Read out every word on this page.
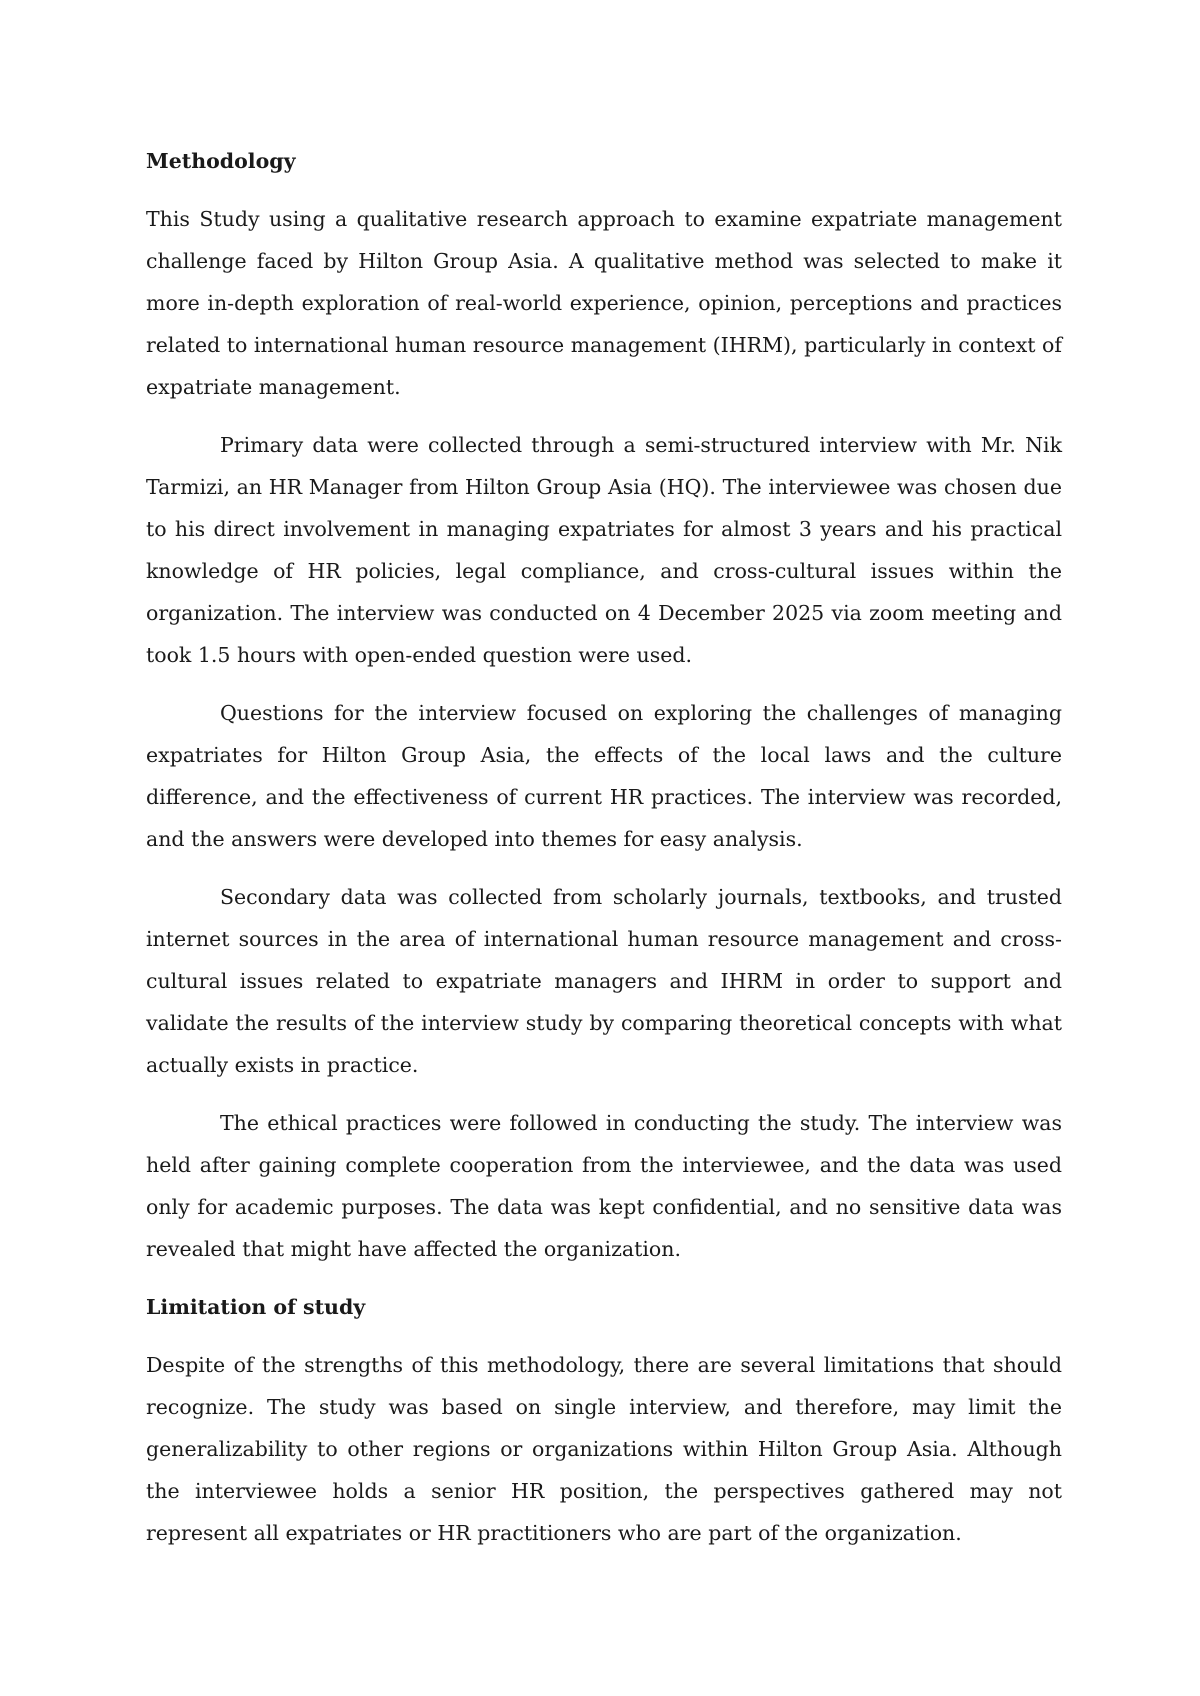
Methodology

This Study using a qualitative research approach to examine expatriate management challenge faced by Hilton Group Asia. A qualitative method was selected to make it more in-depth exploration of real-world experience, opinion, perceptions and practices related to international human resource management (IHRM), particularly in context of expatriate management.

Primary data were collected through a semi-structured interview with Mr. Nik Tarmizi, an HR Manager from Hilton Group Asia (HQ). The interviewee was chosen due to his direct involvement in managing expatriates for almost 3 years and his practical knowledge of HR policies, legal compliance, and cross-cultural issues within the organization. The interview was conducted on 4 December 2025 via zoom meeting and took 1.5 hours with open-ended question were used.

Questions for the interview focused on exploring the challenges of managing expatriates for Hilton Group Asia, the effects of the local laws and the culture difference, and the effectiveness of current HR practices. The interview was recorded, and the answers were developed into themes for easy analysis.

Secondary data was collected from scholarly journals, textbooks, and trusted internet sources in the area of international human resource management and cross-cultural issues related to expatriate managers and IHRM in order to support and validate the results of the interview study by comparing theoretical concepts with what actually exists in practice.

The ethical practices were followed in conducting the study. The interview was held after gaining complete cooperation from the interviewee, and the data was used only for academic purposes. The data was kept confidential, and no sensitive data was revealed that might have affected the organization.

Limitation of study

Despite of the strengths of this methodology, there are several limitations that should recognize. The study was based on single interview, and therefore, may limit the generalizability to other regions or organizations within Hilton Group Asia. Although the interviewee holds a senior HR position, the perspectives gathered may not represent all expatriates or HR practitioners who are part of the organization.
